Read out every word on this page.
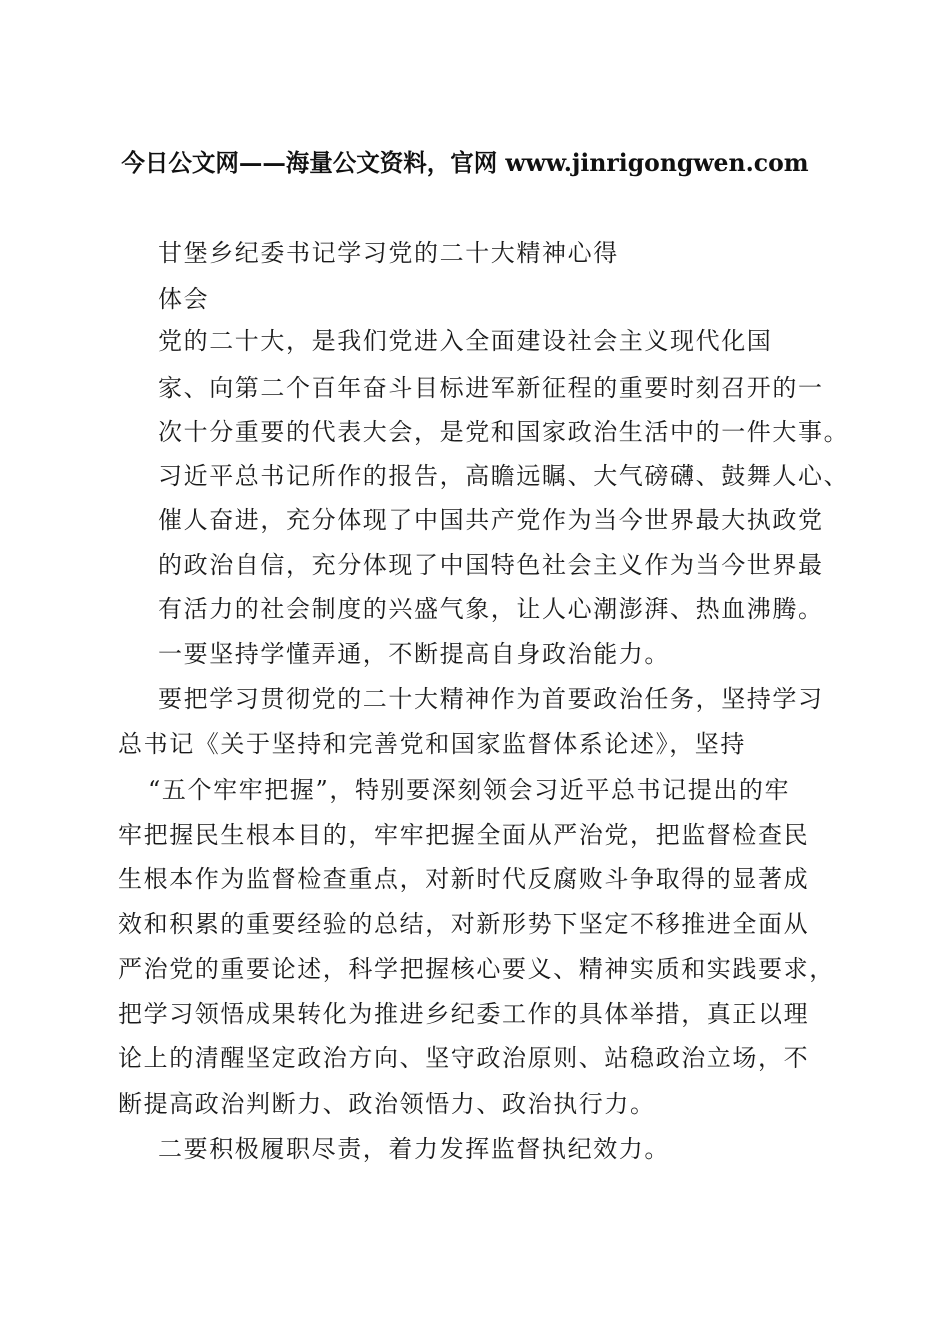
今日公文网——海量公文资料，官网 www.jinrigongwen.com
甘堡乡纪委书记学习党的二十大精神心得
体会
党的二十大，是我们党进入全面建设社会主义现代化国
家、向第二个百年奋斗目标进军新征程的重要时刻召开的一
次十分重要的代表大会，是党和国家政治生活中的一件大事。
习近平总书记所作的报告，高瞻远瞩、大气磅礴、鼓舞人心、
催人奋进，充分体现了中国共产党作为当今世界最大执政党
的政治自信，充分体现了中国特色社会主义作为当今世界最
有活力的社会制度的兴盛气象，让人心潮澎湃、热血沸腾。
一要坚持学懂弄通，不断提高自身政治能力。
要把学习贯彻党的二十大精神作为首要政治任务，坚持学习
总书记《关于坚持和完善党和国家监督体系论述》，坚持
“五个牢牢把握”，特别要深刻领会习近平总书记提出的牢
牢把握民生根本目的，牢牢把握全面从严治党，把监督检查民
生根本作为监督检查重点，对新时代反腐败斗争取得的显著成
效和积累的重要经验的总结，对新形势下坚定不移推进全面从
严治党的重要论述，科学把握核心要义、精神实质和实践要求，
把学习领悟成果转化为推进乡纪委工作的具体举措，真正以理
论上的清醒坚定政治方向、坚守政治原则、站稳政治立场，不
断提高政治判断力、政治领悟力、政治执行力。
二要积极履职尽责，着力发挥监督执纪效力。
